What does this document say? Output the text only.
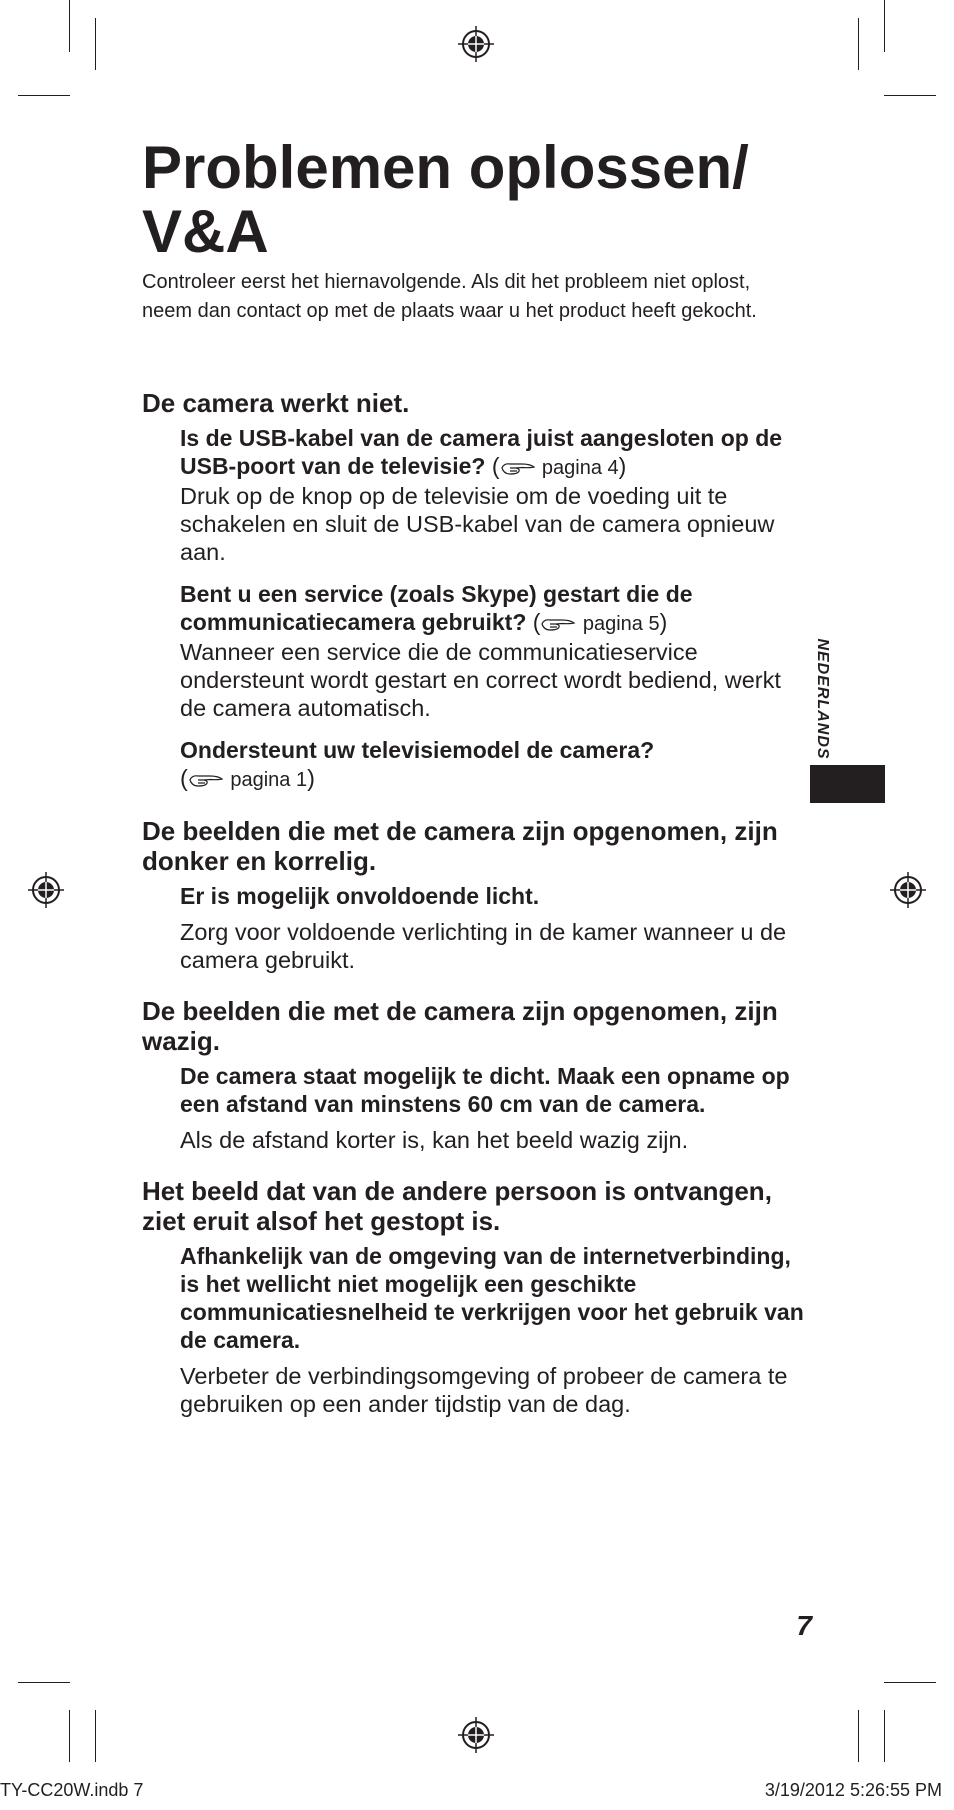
Problemen oplossen/
V&A

Controleer eerst het hiernavolgende. Als dit het probleem niet oplost, neem dan contact op met de plaats waar u het product heeft gekocht.

De camera werkt niet.

Is de USB-kabel van de camera juist aangesloten op de USB-poort van de televisie? ( pagina 4)

Druk op de knop op de televisie om de voeding uit te schakelen en sluit de USB-kabel van de camera opnieuw aan.

Bent u een service (zoals Skype) gestart die de communicatiecamera gebruikt? ( pagina 5)

Wanneer een service die de communicatieservice ondersteunt wordt gestart en correct wordt bediend, werkt de camera automatisch.

Ondersteunt uw televisiemodel de camera?

( pagina 1)

De beelden die met de camera zijn opgenomen, zijn donker en korrelig.

Er is mogelijk onvoldoende licht.

Zorg voor voldoende verlichting in de kamer wanneer u de camera gebruikt.

De beelden die met de camera zijn opgenomen, zijn wazig.

De camera staat mogelijk te dicht. Maak een opname op een afstand van minstens 60 cm van de camera.

Als de afstand korter is, kan het beeld wazig zijn.

Het beeld dat van de andere persoon is ontvangen, ziet eruit alsof het gestopt is.

Afhankelijk van de omgeving van de internetverbinding, is het wellicht niet mogelijk een geschikte communicatiesnelheid te verkrijgen voor het gebruik van de camera.

Verbeter de verbindingsomgeving of probeer de camera te gebruiken op een ander tijdstip van de dag.

NEDERLANDS
7
TY-CC20W.indb 7	3/19/2012 5:26:55 PM
